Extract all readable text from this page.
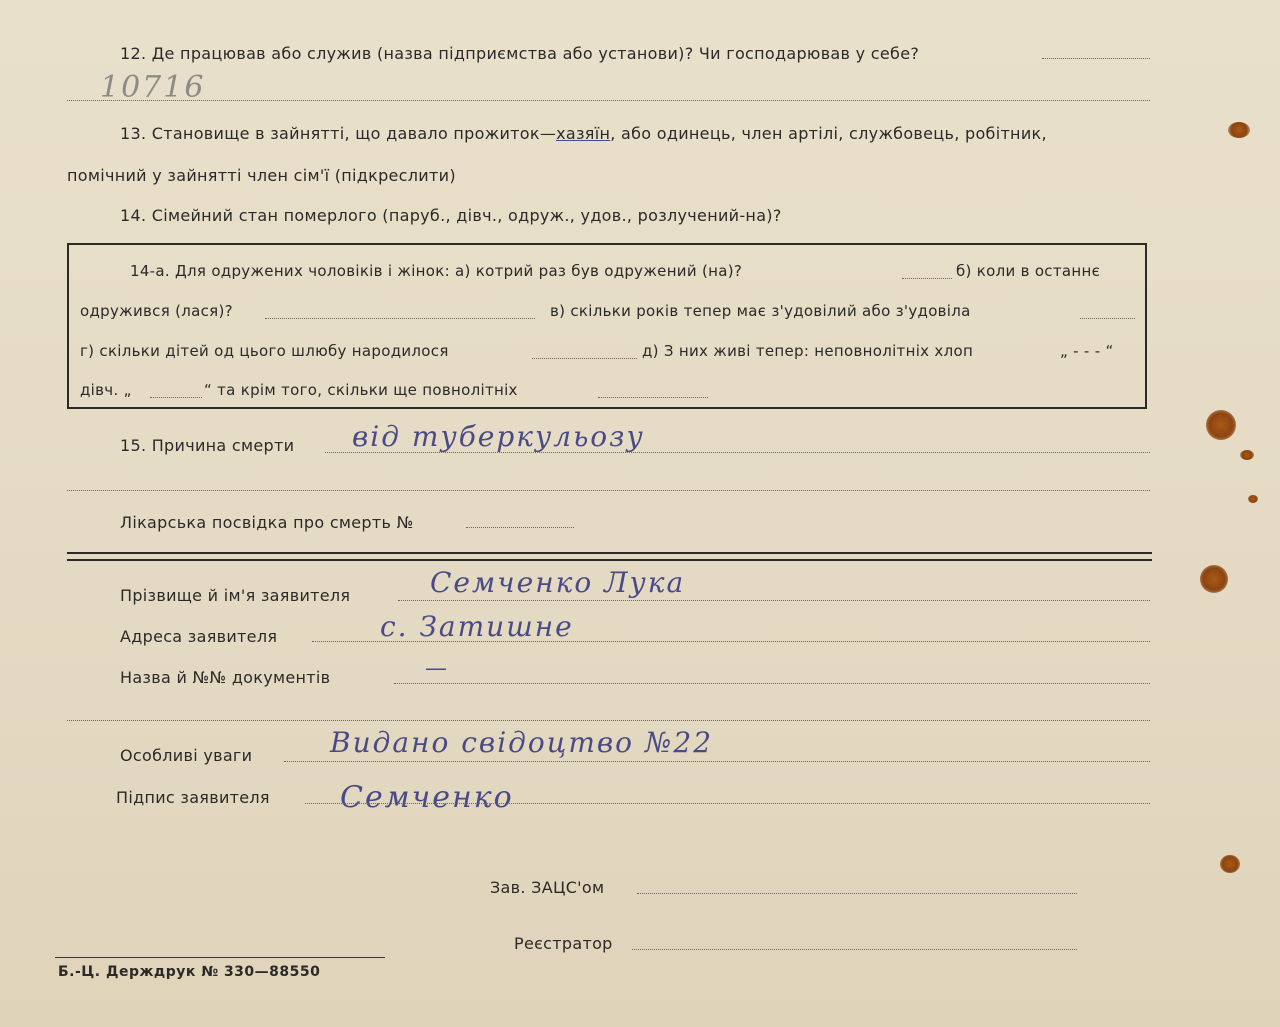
12. Де працював або служив (назва підприємства або установи)? Чи господарював у себе?
10716
13. Становище в зайнятті, що давало прожиток—хазяїн, або одинець, член артілі, службовець, робітник,
помічний у зайнятті член сім'ї (підкреслити)
14. Сімейний стан померлого (паруб., дівч., одруж., удов., розлучений-на)?
14-а. Для одружених чоловіків і жінок: а) котрий раз був одружений (на)?	б) коли в останнє
одружився (лася)?	в) скільки років тепер має з'удовілий або з'удовіла
г) скільки дітей од цього шлюбу народилося	д) З них живі тепер: неповнолітніх хлоп	„ - - - “
дівч. „	“ та крім того, скільки ще повнолітніх
15. Причина смерти від туберкульозу
Лікарська посвідка про смерть №
Прізвище й ім'я заявителя	Семченко Лука
Адреса заявителя	с. Затишне
Назва й №№ документів	—
Особливі уваги	Видано свідоцтво №22
Підпис заявителя Семченко
Зав. ЗАЦС'ом
Реєстратор
Б.-Ц. Держдрук № 330—88550
